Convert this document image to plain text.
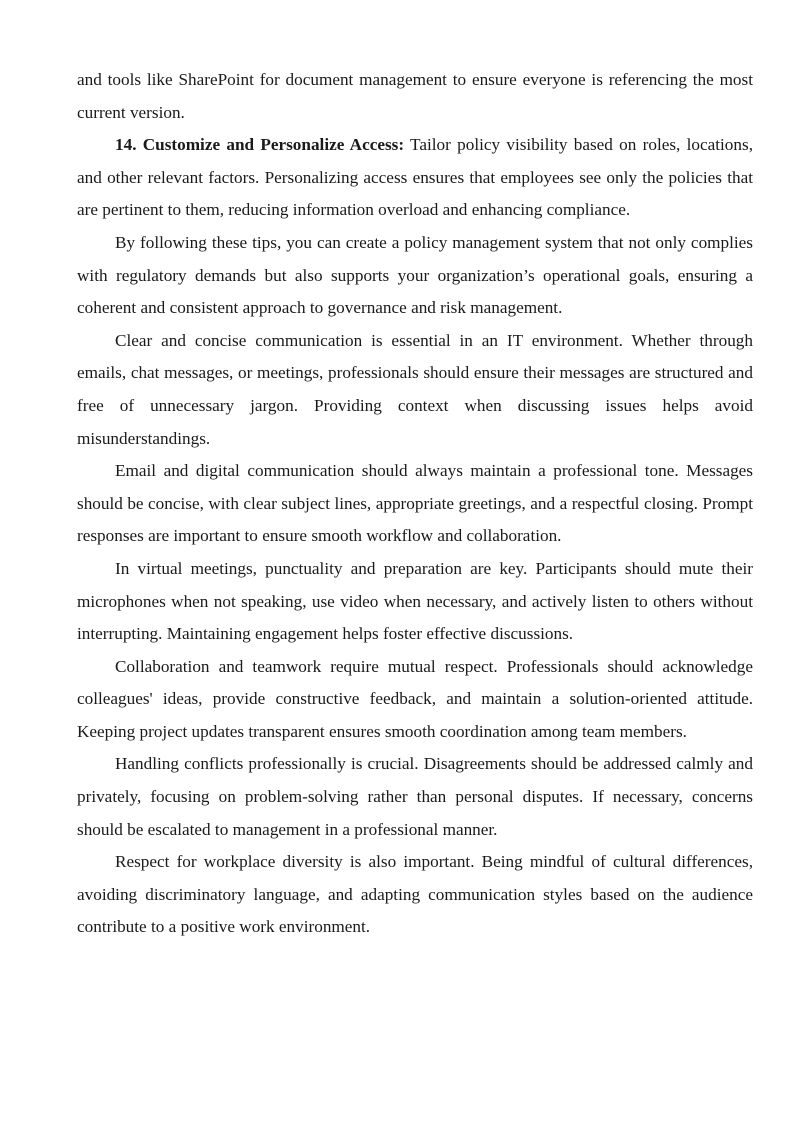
and tools like SharePoint for document management to ensure everyone is referencing the most current version.

14. Customize and Personalize Access: Tailor policy visibility based on roles, locations, and other relevant factors. Personalizing access ensures that employees see only the policies that are pertinent to them, reducing information overload and enhancing compliance.

By following these tips, you can create a policy management system that not only complies with regulatory demands but also supports your organization’s operational goals, ensuring a coherent and consistent approach to governance and risk management.

Clear and concise communication is essential in an IT environment. Whether through emails, chat messages, or meetings, professionals should ensure their messages are structured and free of unnecessary jargon. Providing context when discussing issues helps avoid misunderstandings.

Email and digital communication should always maintain a professional tone. Messages should be concise, with clear subject lines, appropriate greetings, and a respectful closing. Prompt responses are important to ensure smooth workflow and collaboration.

In virtual meetings, punctuality and preparation are key. Participants should mute their microphones when not speaking, use video when necessary, and actively listen to others without interrupting. Maintaining engagement helps foster effective discussions.

Collaboration and teamwork require mutual respect. Professionals should acknowledge colleagues' ideas, provide constructive feedback, and maintain a solution-oriented attitude. Keeping project updates transparent ensures smooth coordination among team members.

Handling conflicts professionally is crucial. Disagreements should be addressed calmly and privately, focusing on problem-solving rather than personal disputes. If necessary, concerns should be escalated to management in a professional manner.

Respect for workplace diversity is also important. Being mindful of cultural differences, avoiding discriminatory language, and adapting communication styles based on the audience contribute to a positive work environment.
